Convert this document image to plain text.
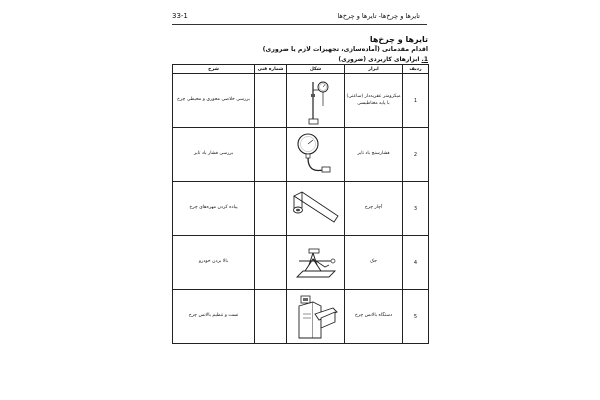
33-1	تایرها و چرخ‌ها- تایرها و چرخ‌ها
تایرها و چرخ‌ها
اقدام مقدماتی (آماده‌سازی، تجهیزات لازم یا ضروری)
1. ابزارهای کاربردی (ضروری)
شرح	شماره فنی	شکل	ابزار	ردیف
بررسی خلاصی محوری و محیطی چرخ			میکرومتر عقربه‌دار (ساعتی) با پایه مغناطیسی	1
بررسی فشار باد تایر			فشارسنج باد تایر	2
پیاده کردن مهره‌های چرخ			آچار چرخ	3
بالا بردن خودرو			جک	4
تست و تنظیم بالانس چرخ			دستگاه بالانس چرخ	5
